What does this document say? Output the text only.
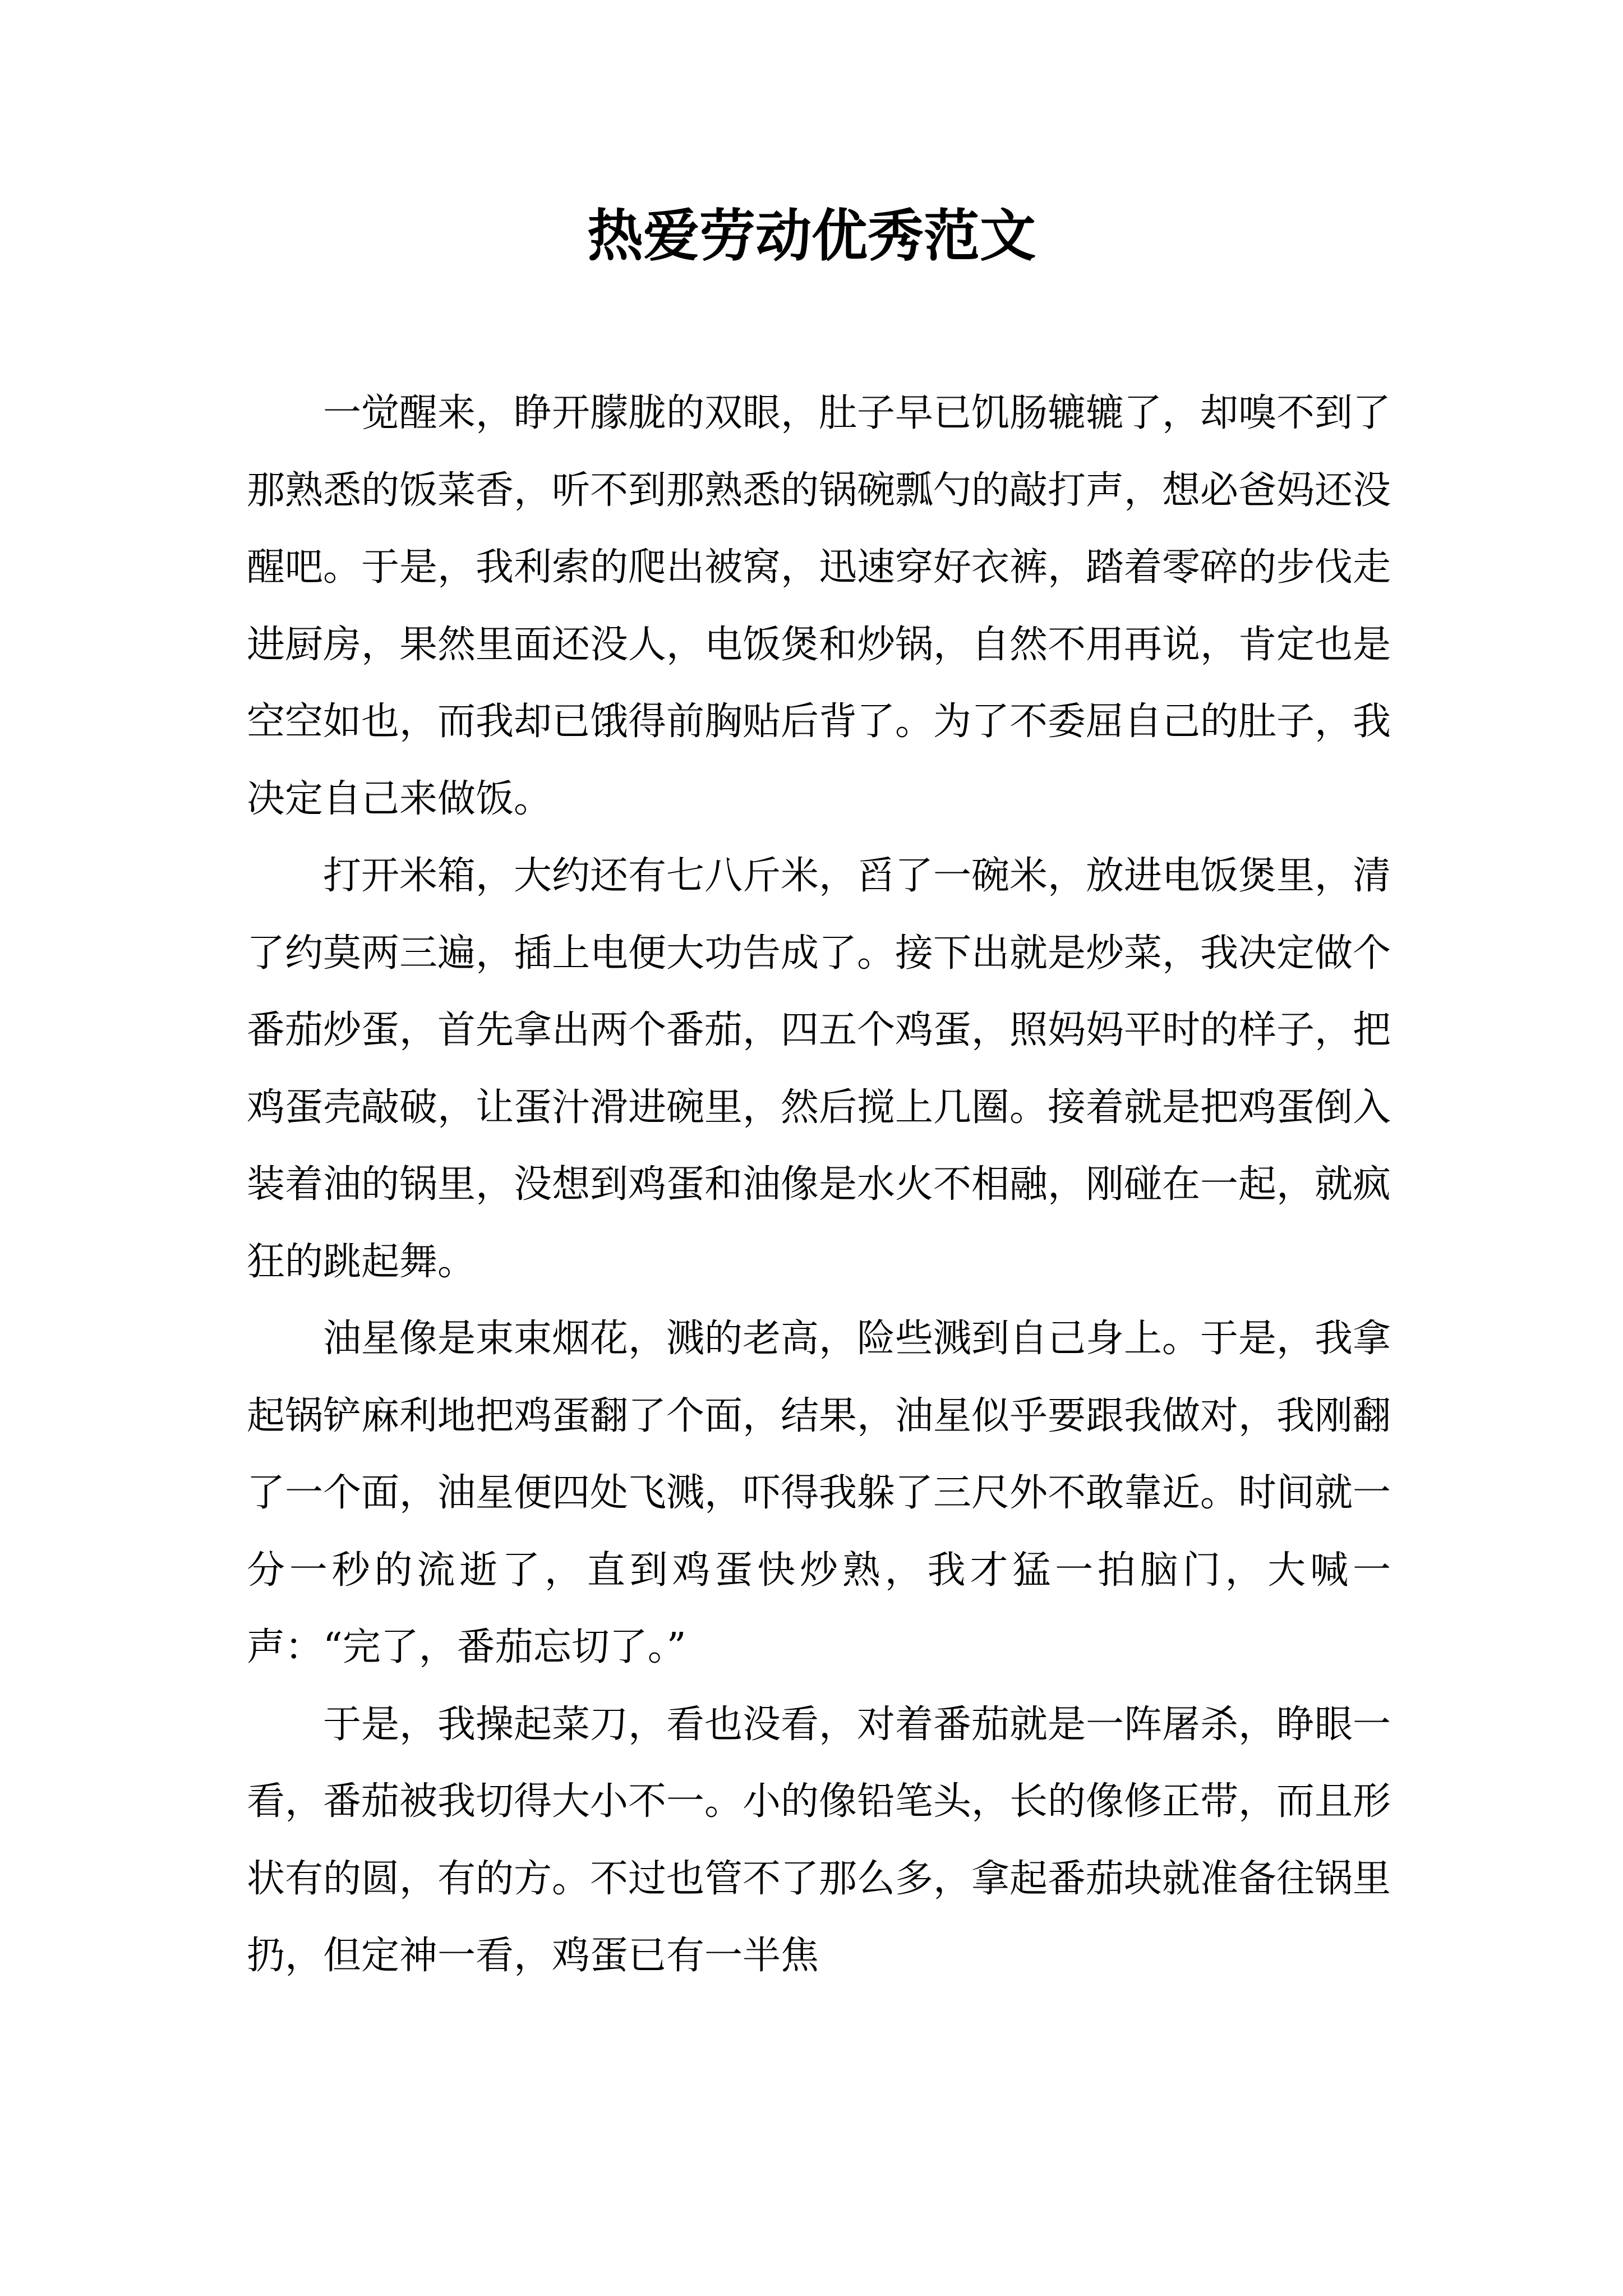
热爱劳动优秀范文

一觉醒来，睁开朦胧的双眼，肚子早已饥肠辘辘了，却嗅不到了那熟悉的饭菜香，听不到那熟悉的锅碗瓢勺的敲打声，想必爸妈还没醒吧。于是，我利索的爬出被窝，迅速穿好衣裤，踏着零碎的步伐走进厨房，果然里面还没人，电饭煲和炒锅，自然不用再说，肯定也是空空如也，而我却已饿得前胸贴后背了。为了不委屈自己的肚子，我决定自己来做饭。

打开米箱，大约还有七八斤米，舀了一碗米，放进电饭煲里，清了约莫两三遍，插上电便大功告成了。接下出就是炒菜，我决定做个番茄炒蛋，首先拿出两个番茄，四五个鸡蛋，照妈妈平时的样子，把鸡蛋壳敲破，让蛋汁滑进碗里，然后搅上几圈。接着就是把鸡蛋倒入装着油的锅里，没想到鸡蛋和油像是水火不相融，刚碰在一起，就疯狂的跳起舞。

油星像是束束烟花，溅的老高，险些溅到自己身上。于是，我拿起锅铲麻利地把鸡蛋翻了个面，结果，油星似乎要跟我做对，我刚翻了一个面，油星便四处飞溅，吓得我躲了三尺外不敢靠近。时间就一分一秒的流逝了，直到鸡蛋快炒熟，我才猛一拍脑门，大喊一声：“完了，番茄忘切了。”

于是，我操起菜刀，看也没看，对着番茄就是一阵屠杀，睁眼一看，番茄被我切得大小不一。小的像铅笔头，长的像修正带，而且形状有的圆，有的方。不过也管不了那么多，拿起番茄块就准备往锅里扔，但定神一看，鸡蛋已有一半焦
